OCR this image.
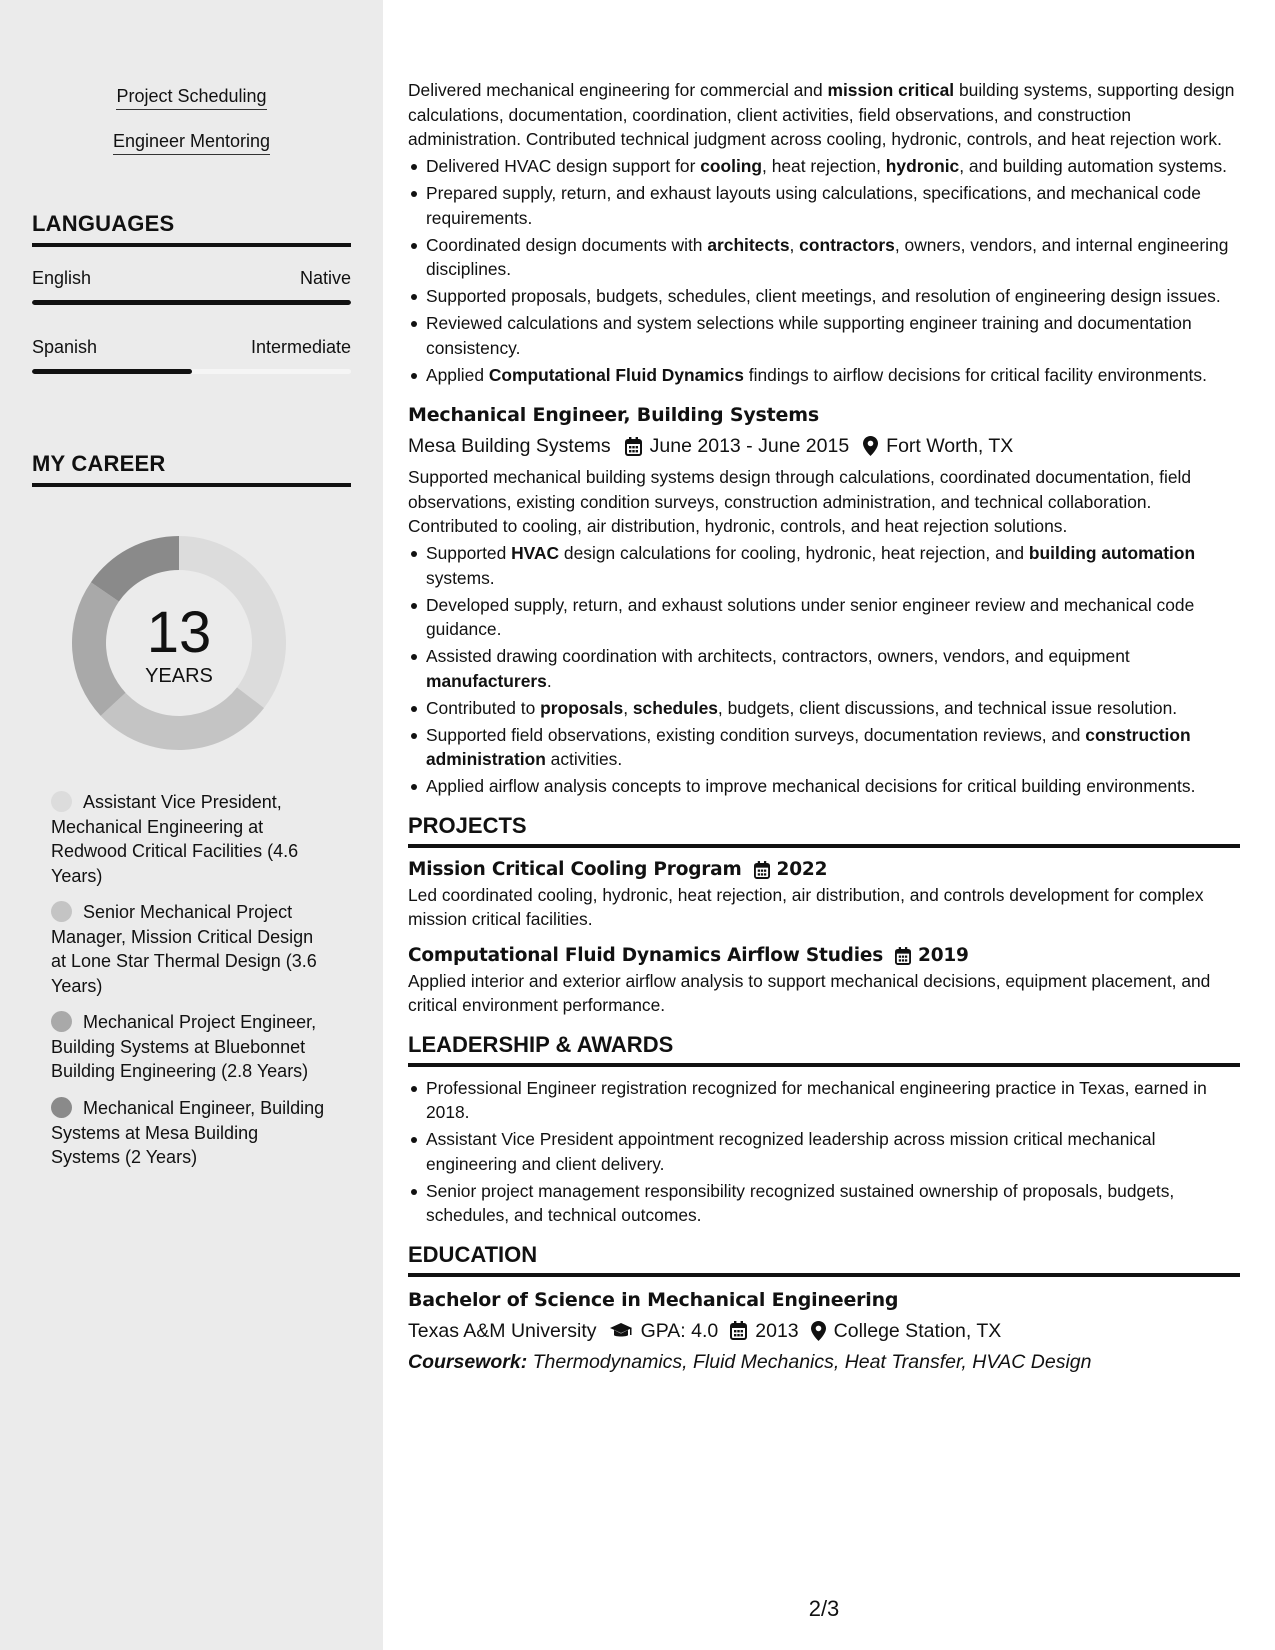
Project Scheduling
Engineer Mentoring
LANGUAGES
English	Native
Spanish	Intermediate
MY CAREER
13
YEARS
Assistant Vice President, Mechanical Engineering at Redwood Critical Facilities (4.6 Years)
Senior Mechanical Project Manager, Mission Critical Design at Lone Star Thermal Design (3.6 Years)
Mechanical Project Engineer, Building Systems at Bluebonnet Building Engineering (2.8 Years)
Mechanical Engineer, Building Systems at Mesa Building Systems (2 Years)

Delivered mechanical engineering for commercial and mission critical building systems, supporting design calculations, documentation, coordination, client activities, field observations, and construction administration. Contributed technical judgment across cooling, hydronic, controls, and heat rejection work.

Delivered HVAC design support for cooling, heat rejection, hydronic, and building automation systems.
Prepared supply, return, and exhaust layouts using calculations, specifications, and mechanical code requirements.
Coordinated design documents with architects, contractors, owners, vendors, and internal engineering disciplines.
Supported proposals, budgets, schedules, client meetings, and resolution of engineering design issues.
Reviewed calculations and system selections while supporting engineer training and documentation consistency.
Applied Computational Fluid Dynamics findings to airflow decisions for critical facility environments.
Mechanical Engineer, Building Systems
Mesa Building Systems June 2013 - June 2015 Fort Worth, TX

Supported mechanical building systems design through calculations, coordinated documentation, field observations, existing condition surveys, construction administration, and technical collaboration. Contributed to cooling, air distribution, hydronic, controls, and heat rejection solutions.

Supported HVAC design calculations for cooling, hydronic, heat rejection, and building automation systems.
Developed supply, return, and exhaust solutions under senior engineer review and mechanical code guidance.
Assisted drawing coordination with architects, contractors, owners, vendors, and equipment manufacturers.
Contributed to proposals, schedules, budgets, client discussions, and technical issue resolution.
Supported field observations, existing condition surveys, documentation reviews, and construction administration activities.
Applied airflow analysis concepts to improve mechanical decisions for critical building environments.
PROJECTS
Mission Critical Cooling Program 2022

Led coordinated cooling, hydronic, heat rejection, air distribution, and controls development for complex mission critical facilities.

Computational Fluid Dynamics Airflow Studies 2019

Applied interior and exterior airflow analysis to support mechanical decisions, equipment placement, and critical environment performance.

LEADERSHIP & AWARDS
Professional Engineer registration recognized for mechanical engineering practice in Texas, earned in 2018.
Assistant Vice President appointment recognized leadership across mission critical mechanical engineering and client delivery.
Senior project management responsibility recognized sustained ownership of proposals, budgets, schedules, and technical outcomes.
EDUCATION
Bachelor of Science in Mechanical Engineering
Texas A&M University GPA: 4.0 2013 College Station, TX
Coursework: Thermodynamics, Fluid Mechanics, Heat Transfer, HVAC Design
2/3
